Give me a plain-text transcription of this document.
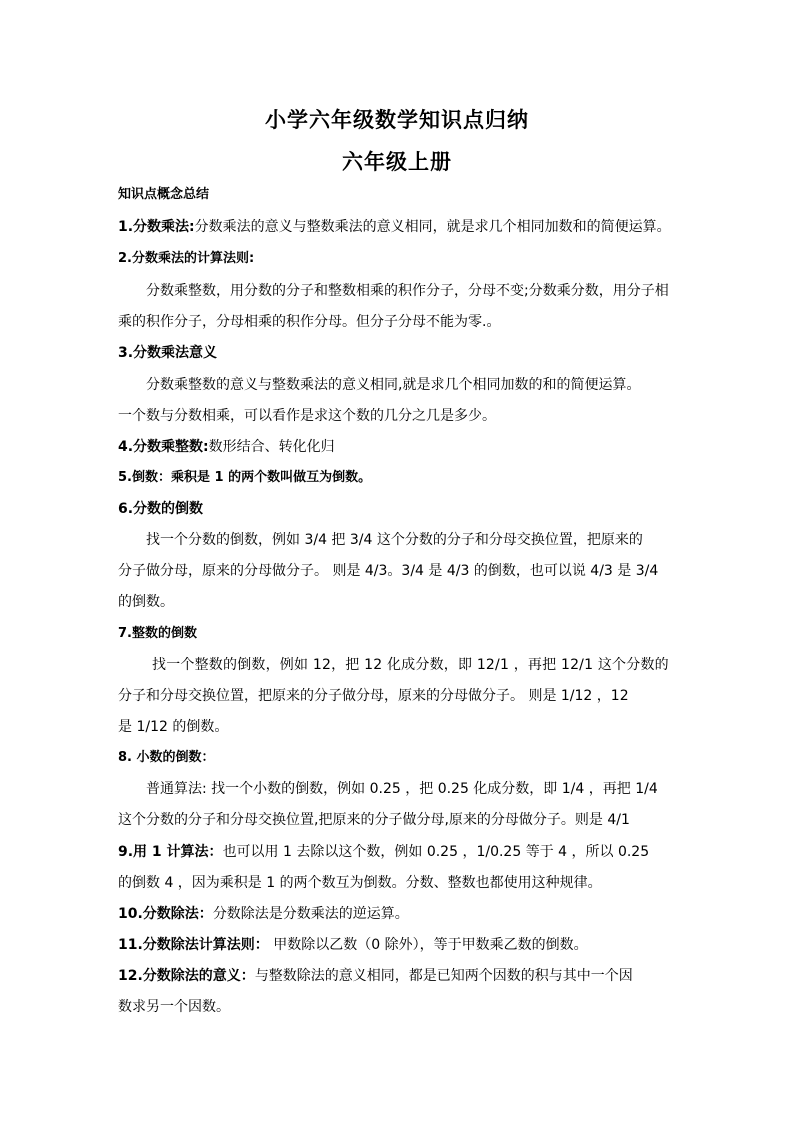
小学六年级数学知识点归纳
六年级上册
知识点概念总结
1.分数乘法:分数乘法的意义与整数乘法的意义相同，就是求几个相同加数和的简便运算。
2.分数乘法的计算法则:
分数乘整数，用分数的分子和整数相乘的积作分子，分母不变;分数乘分数，用分子相
乘的积作分子，分母相乘的积作分母。但分子分母不能为零.。
3.分数乘法意义
分数乘整数的意义与整数乘法的意义相同,就是求几个相同加数的和的简便运算。
一个数与分数相乘，可以看作是求这个数的几分之几是多少。
4.分数乘整数:数形结合、转化化归
5.倒数：乘积是 1 的两个数叫做互为倒数。
6.分数的倒数
找一个分数的倒数，例如 3/4 把 3/4 这个分数的分子和分母交换位置，把原来的
分子做分母，原来的分母做分子。 则是 4/3。3/4 是 4/3 的倒数，也可以说 4/3 是 3/4
的倒数。
7.整数的倒数
找一个整数的倒数，例如 12，把 12 化成分数，即 12/1 ，再把 12/1 这个分数的
分子和分母交换位置，把原来的分子做分母，原来的分母做分子。 则是 1/12 ，12
是 1/12 的倒数。
8. 小数的倒数：
普通算法: 找一个小数的倒数，例如 0.25 ，把 0.25 化成分数，即 1/4 ，再把 1/4
这个分数的分子和分母交换位置,把原来的分子做分母,原来的分母做分子。则是 4/1
9.用 1 计算法：也可以用 1 去除以这个数，例如 0.25 ，1/0.25 等于 4 ，所以 0.25
的倒数 4 ，因为乘积是 1 的两个数互为倒数。分数、整数也都使用这种规律。
10.分数除法：分数除法是分数乘法的逆运算。
11.分数除法计算法则： 甲数除以乙数（0 除外），等于甲数乘乙数的倒数。
12.分数除法的意义：与整数除法的意义相同，都是已知两个因数的积与其中一个因
数求另一个因数。
